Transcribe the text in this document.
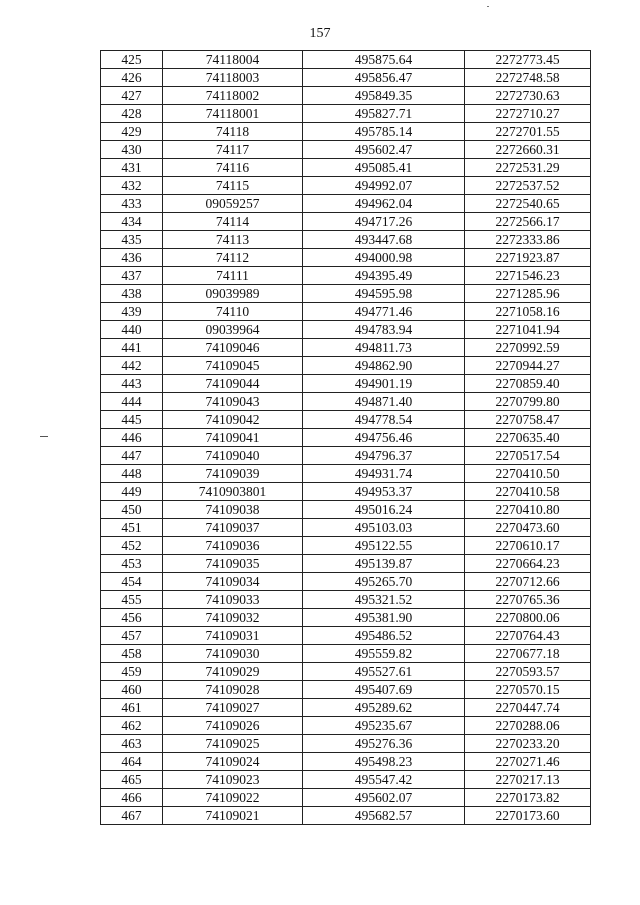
157
425	74118004	495875.64	2272773.45
426	74118003	495856.47	2272748.58
427	74118002	495849.35	2272730.63
428	74118001	495827.71	2272710.27
429	74118	495785.14	2272701.55
430	74117	495602.47	2272660.31
431	74116	495085.41	2272531.29
432	74115	494992.07	2272537.52
433	09059257	494962.04	2272540.65
434	74114	494717.26	2272566.17
435	74113	493447.68	2272333.86
436	74112	494000.98	2271923.87
437	74111	494395.49	2271546.23
438	09039989	494595.98	2271285.96
439	74110	494771.46	2271058.16
440	09039964	494783.94	2271041.94
441	74109046	494811.73	2270992.59
442	74109045	494862.90	2270944.27
443	74109044	494901.19	2270859.40
444	74109043	494871.40	2270799.80
445	74109042	494778.54	2270758.47
446	74109041	494756.46	2270635.40
447	74109040	494796.37	2270517.54
448	74109039	494931.74	2270410.50
449	7410903801	494953.37	2270410.58
450	74109038	495016.24	2270410.80
451	74109037	495103.03	2270473.60
452	74109036	495122.55	2270610.17
453	74109035	495139.87	2270664.23
454	74109034	495265.70	2270712.66
455	74109033	495321.52	2270765.36
456	74109032	495381.90	2270800.06
457	74109031	495486.52	2270764.43
458	74109030	495559.82	2270677.18
459	74109029	495527.61	2270593.57
460	74109028	495407.69	2270570.15
461	74109027	495289.62	2270447.74
462	74109026	495235.67	2270288.06
463	74109025	495276.36	2270233.20
464	74109024	495498.23	2270271.46
465	74109023	495547.42	2270217.13
466	74109022	495602.07	2270173.82
467	74109021	495682.57	2270173.60
